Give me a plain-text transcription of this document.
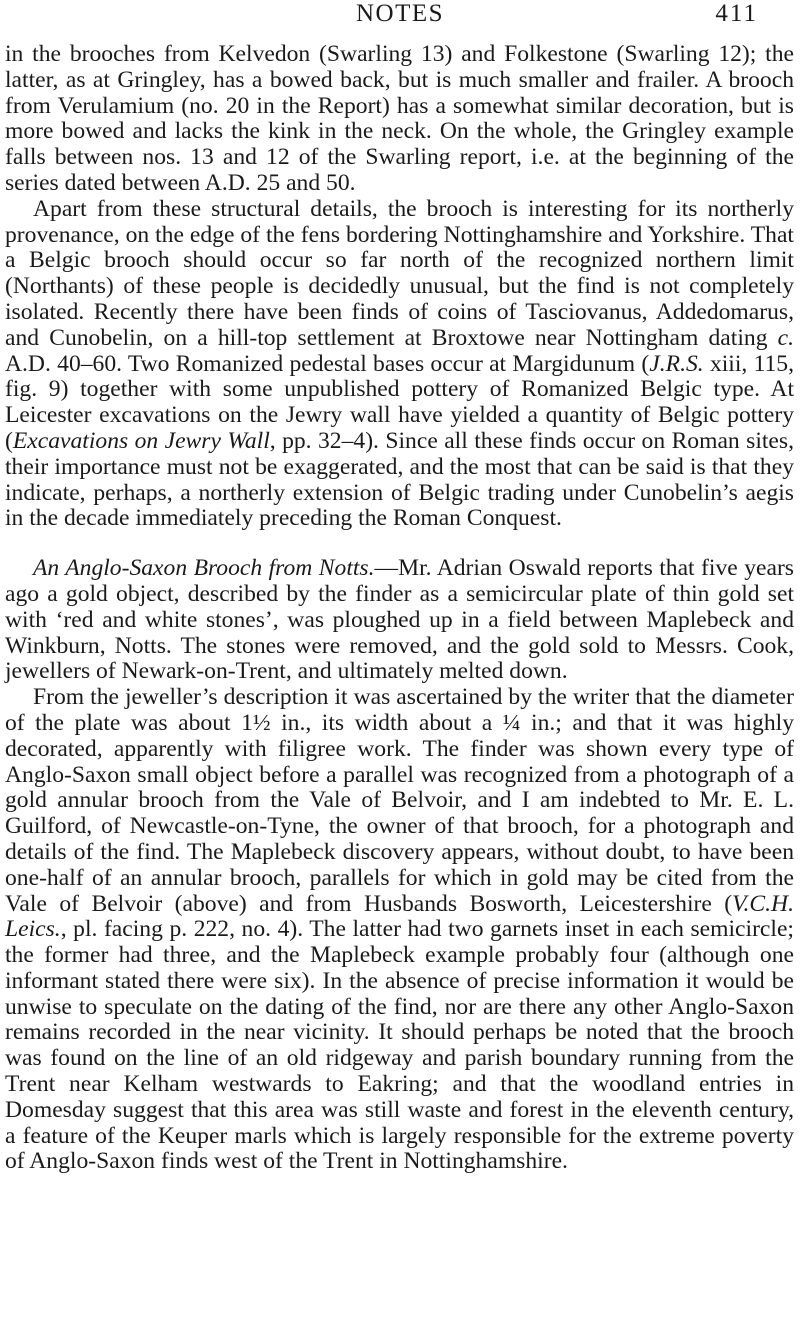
NOTES	411

in the brooches from Kelvedon (Swarling 13) and Folkestone (Swarling 12); the latter, as at Gringley, has a bowed back, but is much smaller and frailer. A brooch from Verulamium (no. 20 in the Report) has a somewhat similar decoration, but is more bowed and lacks the kink in the neck. On the whole, the Gringley example falls between nos. 13 and 12 of the Swarling report, i.e. at the beginning of the series dated between A.D. 25 and 50.

Apart from these structural details, the brooch is interesting for its northerly provenance, on the edge of the fens bordering Nottinghamshire and Yorkshire. That a Belgic brooch should occur so far north of the recognized northern limit (Northants) of these people is decidedly unusual, but the find is not completely isolated. Recently there have been finds of coins of Tasciovanus, Addedomarus, and Cunobelin, on a hill-top settlement at Broxtowe near Nottingham dating c. A.D. 40–60. Two Romanized pedestal bases occur at Margidunum (J.R.S. xiii, 115, fig. 9) together with some unpublished pottery of Romanized Belgic type. At Leicester excavations on the Jewry wall have yielded a quantity of Belgic pottery (Excavations on Jewry Wall, pp. 32–4). Since all these finds occur on Roman sites, their importance must not be exaggerated, and the most that can be said is that they indicate, perhaps, a northerly extension of Belgic trading under Cunobelin’s aegis in the decade immediately preceding the Roman Conquest.

An Anglo-Saxon Brooch from Notts.—Mr. Adrian Oswald reports that five years ago a gold object, described by the finder as a semicircular plate of thin gold set with ‘red and white stones’, was ploughed up in a field between Maplebeck and Winkburn, Notts. The stones were removed, and the gold sold to Messrs. Cook, jewellers of Newark-on-Trent, and ultimately melted down.

From the jeweller’s description it was ascertained by the writer that the diameter of the plate was about 1½ in., its width about a ¼ in.; and that it was highly decorated, apparently with filigree work. The finder was shown every type of Anglo-Saxon small object before a parallel was recognized from a photograph of a gold annular brooch from the Vale of Belvoir, and I am indebted to Mr. E. L. Guilford, of Newcastle-on-Tyne, the owner of that brooch, for a photograph and details of the find. The Maplebeck discovery appears, without doubt, to have been one-half of an annular brooch, parallels for which in gold may be cited from the Vale of Belvoir (above) and from Husbands Bosworth, Leicestershire (V.C.H. Leics., pl. facing p. 222, no. 4). The latter had two garnets inset in each semicircle; the former had three, and the Maplebeck example probably four (although one informant stated there were six). In the absence of precise information it would be unwise to speculate on the dating of the find, nor are there any other Anglo-Saxon remains recorded in the near vicinity. It should perhaps be noted that the brooch was found on the line of an old ridgeway and parish boundary running from the Trent near Kelham westwards to Eakring; and that the woodland entries in Domesday suggest that this area was still waste and forest in the eleventh century, a feature of the Keuper marls which is largely responsible for the extreme poverty of Anglo-Saxon finds west of the Trent in Nottinghamshire.
